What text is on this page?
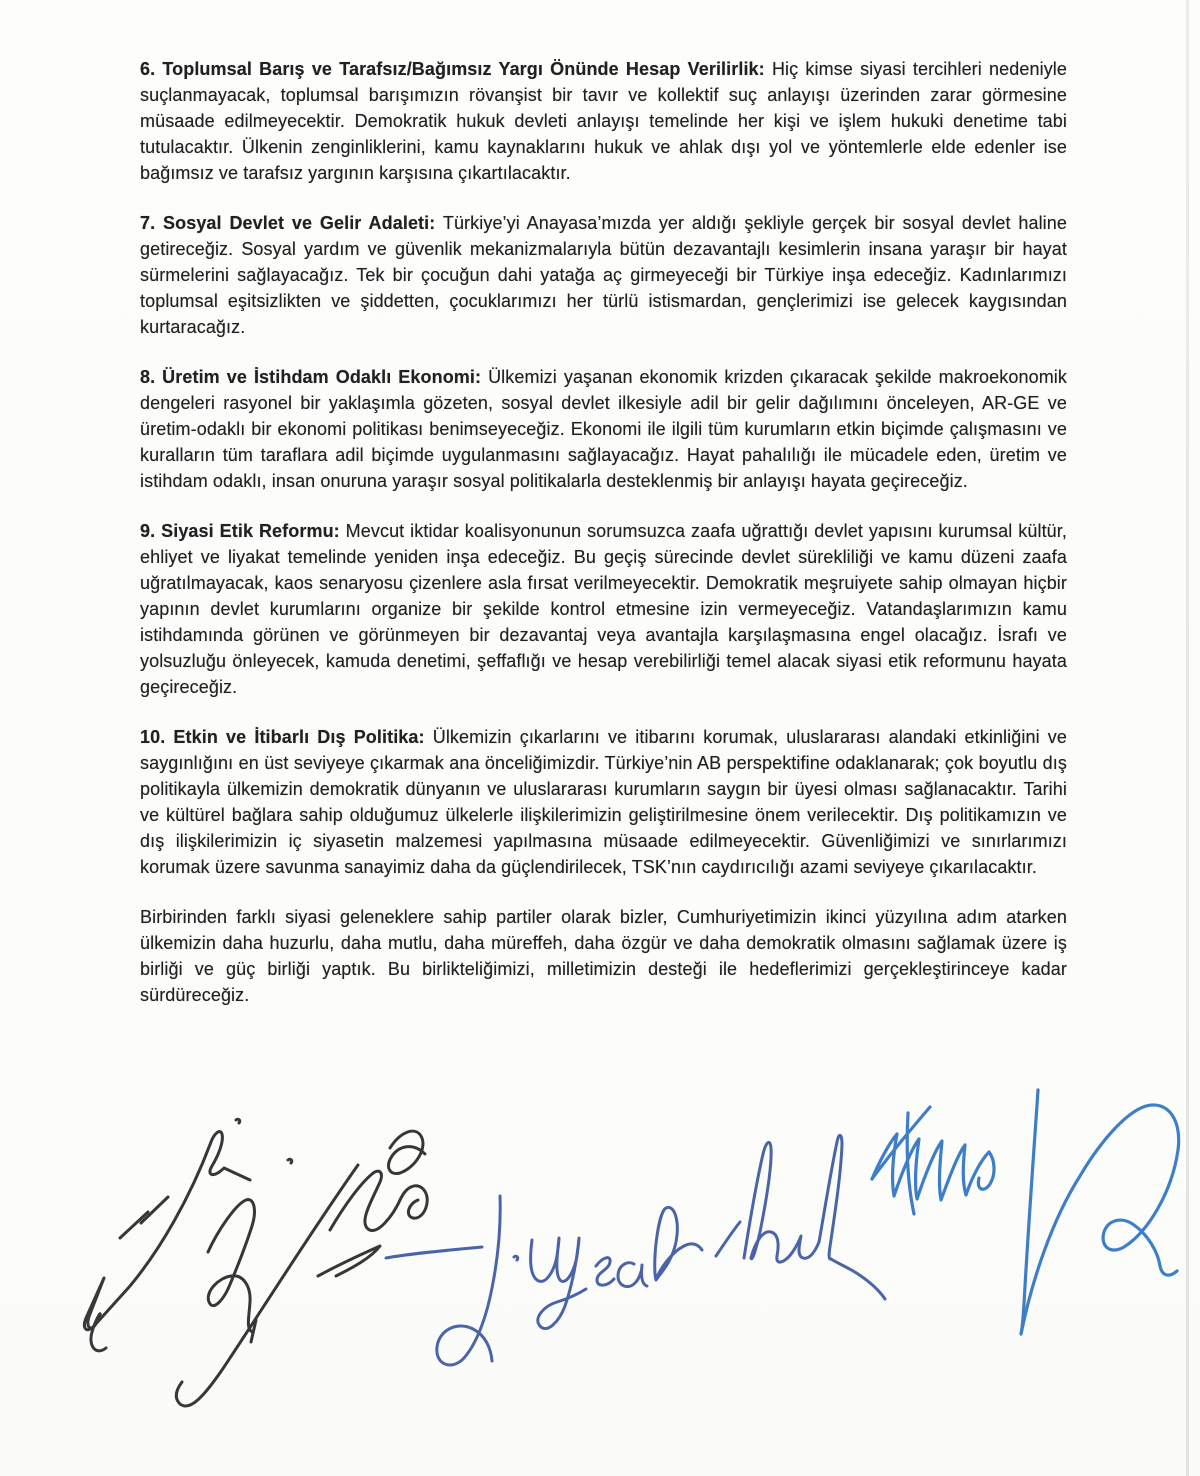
6. Toplumsal Barış ve Tarafsız/Bağımsız Yargı Önünde Hesap Verilirlik: Hiç kimse siyasi tercihleri nedeniyle suçlanmayacak, toplumsal barışımızın rövanşist bir tavır ve kollektif suç anlayışı üzerinden zarar görmesine müsaade edilmeyecektir. Demokratik hukuk devleti anlayışı temelinde her kişi ve işlem hukuki denetime tabi tutulacaktır. Ülkenin zenginliklerini, kamu kaynaklarını hukuk ve ahlak dışı yol ve yöntemlerle elde edenler ise bağımsız ve tarafsız yargının karşısına çıkartılacaktır.

7. Sosyal Devlet ve Gelir Adaleti: Türkiye’yi Anayasa’mızda yer aldığı şekliyle gerçek bir sosyal devlet haline getireceğiz. Sosyal yardım ve güvenlik mekanizmalarıyla bütün dezavantajlı kesimlerin insana yaraşır bir hayat sürmelerini sağlayacağız. Tek bir çocuğun dahi yatağa aç girmeyeceği bir Türkiye inşa edeceğiz. Kadınlarımızı toplumsal eşitsizlikten ve şiddetten, çocuklarımızı her türlü istismardan, gençlerimizi ise gelecek kaygısından kurtaracağız.

8. Üretim ve İstihdam Odaklı Ekonomi: Ülkemizi yaşanan ekonomik krizden çıkaracak şekilde makroekonomik dengeleri rasyonel bir yaklaşımla gözeten, sosyal devlet ilkesiyle adil bir gelir dağılımını önceleyen, AR-GE ve üretim-odaklı bir ekonomi politikası benimseyeceğiz. Ekonomi ile ilgili tüm kurumların etkin biçimde çalışmasını ve kuralların tüm taraflara adil biçimde uygulanmasını sağlayacağız. Hayat pahalılığı ile mücadele eden, üretim ve istihdam odaklı, insan onuruna yaraşır sosyal politikalarla desteklenmiş bir anlayışı hayata geçireceğiz.

9. Siyasi Etik Reformu: Mevcut iktidar koalisyonunun sorumsuzca zaafa uğrattığı devlet yapısını kurumsal kültür, ehliyet ve liyakat temelinde yeniden inşa edeceğiz. Bu geçiş sürecinde devlet sürekliliği ve kamu düzeni zaafa uğratılmayacak, kaos senaryosu çizenlere asla fırsat verilmeyecektir. Demokratik meşruiyete sahip olmayan hiçbir yapının devlet kurumlarını organize bir şekilde kontrol etmesine izin vermeyeceğiz. Vatandaşlarımızın kamu istihdamında görünen ve görünmeyen bir dezavantaj veya avantajla karşılaşmasına engel olacağız. İsrafı ve yolsuzluğu önleyecek, kamuda denetimi, şeffaflığı ve hesap verebilirliği temel alacak siyasi etik reformunu hayata geçireceğiz.

10. Etkin ve İtibarlı Dış Politika: Ülkemizin çıkarlarını ve itibarını korumak, uluslararası alandaki etkinliğini ve saygınlığını en üst seviyeye çıkarmak ana önceliğimizdir. Türkiye’nin AB perspektifine odaklanarak; çok boyutlu dış politikayla ülkemizin demokratik dünyanın ve uluslararası kurumların saygın bir üyesi olması sağlanacaktır. Tarihi ve kültürel bağlara sahip olduğumuz ülkelerle ilişkilerimizin geliştirilmesine önem verilecektir. Dış politikamızın ve dış ilişkilerimizin iç siyasetin malzemesi yapılmasına müsaade edilmeyecektir. Güvenliğimizi ve sınırlarımızı korumak üzere savunma sanayimiz daha da güçlendirilecek, TSK’nın caydırıcılığı azami seviyeye çıkarılacaktır.

Birbirinden farklı siyasi geleneklere sahip partiler olarak bizler, Cumhuriyetimizin ikinci yüzyılına adım atarken ülkemizin daha huzurlu, daha mutlu, daha müreffeh, daha özgür ve daha demokratik olmasını sağlamak üzere iş birliği ve güç birliği yaptık. Bu birlikteliğimizi, milletimizin desteği ile hedeflerimizi gerçekleştirinceye kadar sürdüreceğiz.
